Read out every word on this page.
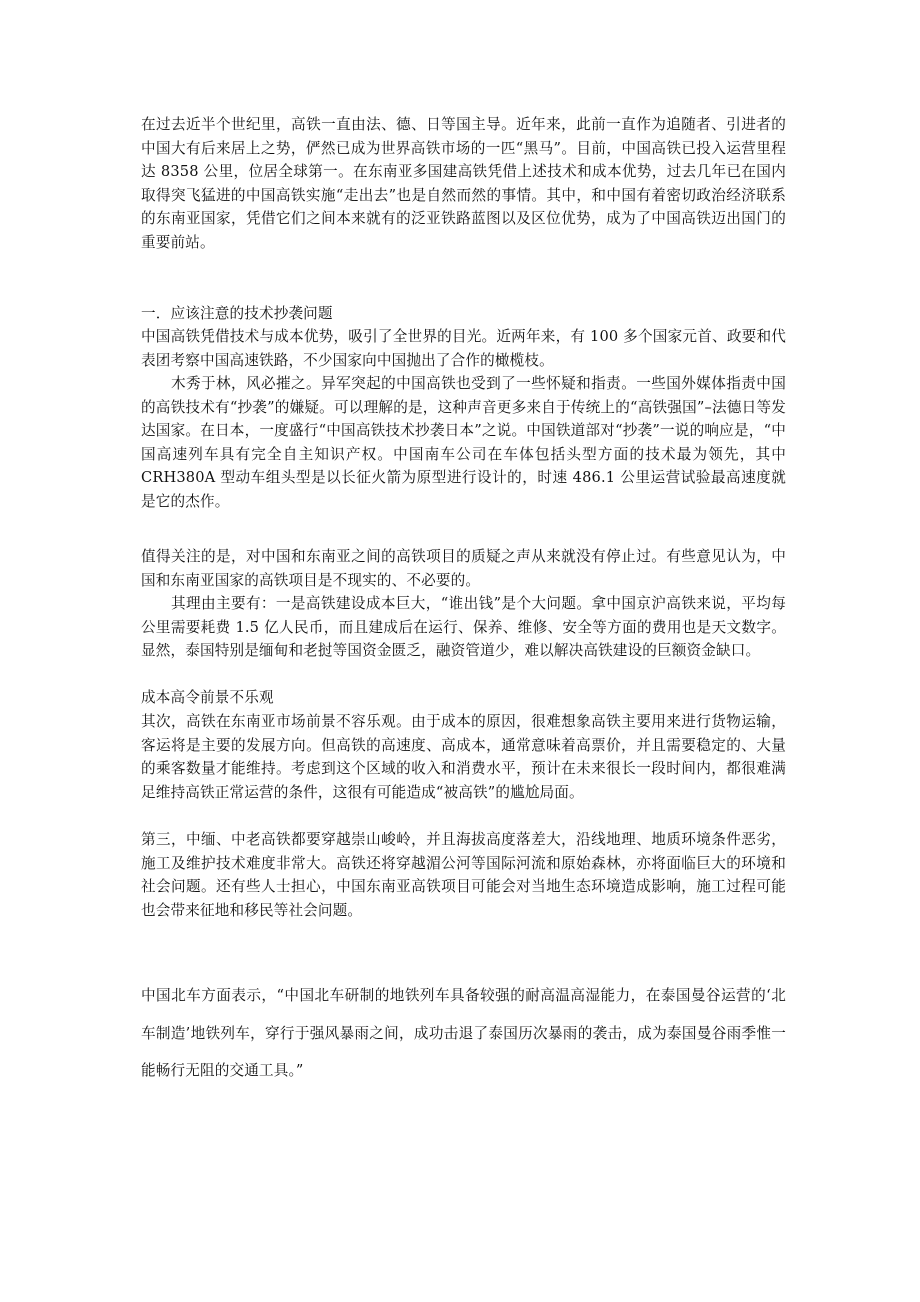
在过去近半个世纪里，高铁一直由法、德、日等国主导。近年来，此前一直作为追随者、引进者的中国大有后来居上之势，俨然已成为世界高铁市场的一匹“黑马”。目前，中国高铁已投入运营里程达 8358 公里，位居全球第一。在东南亚多国建高铁凭借上述技术和成本优势，过去几年已在国内取得突飞猛进的中国高铁实施“走出去”也是自然而然的事情。其中，和中国有着密切政治经济联系的东南亚国家，凭借它们之间本来就有的泛亚铁路蓝图以及区位优势，成为了中国高铁迈出国门的重要前站。

一．应该注意的技术抄袭问题

中国高铁凭借技术与成本优势，吸引了全世界的目光。近两年来，有 100 多个国家元首、政要和代表团考察中国高速铁路，不少国家向中国抛出了合作的橄榄枝。

木秀于林，风必摧之。异军突起的中国高铁也受到了一些怀疑和指责。一些国外媒体指责中国的高铁技术有“抄袭”的嫌疑。可以理解的是，这种声音更多来自于传统上的“高铁强国”–法德日等发达国家。在日本，一度盛行“中国高铁技术抄袭日本”之说。中国铁道部对“抄袭”一说的响应是，“中国高速列车具有完全自主知识产权。中国南车公司在车体包括头型方面的技术最为领先，其中 CRH380A 型动车组头型是以长征火箭为原型进行设计的，时速 486.1 公里运营试验最高速度就是它的杰作。

值得关注的是，对中国和东南亚之间的高铁项目的质疑之声从来就没有停止过。有些意见认为，中国和东南亚国家的高铁项目是不现实的、不必要的。

其理由主要有：一是高铁建设成本巨大，“谁出钱”是个大问题。拿中国京沪高铁来说，平均每公里需要耗费 1.5 亿人民币，而且建成后在运行、保养、维修、安全等方面的费用也是天文数字。显然，泰国特别是缅甸和老挝等国资金匮乏，融资管道少，难以解决高铁建设的巨额资金缺口。

成本高令前景不乐观

其次，高铁在东南亚市场前景不容乐观。由于成本的原因，很难想象高铁主要用来进行货物运输，客运将是主要的发展方向。但高铁的高速度、高成本，通常意味着高票价，并且需要稳定的、大量的乘客数量才能维持。考虑到这个区域的收入和消费水平，预计在未来很长一段时间内，都很难满足维持高铁正常运营的条件，这很有可能造成“被高铁”的尴尬局面。

第三，中缅、中老高铁都要穿越崇山峻岭，并且海拔高度落差大，沿线地理、地质环境条件恶劣，施工及维护技术难度非常大。高铁还将穿越湄公河等国际河流和原始森林，亦将面临巨大的环境和社会问题。还有些人士担心，中国东南亚高铁项目可能会对当地生态环境造成影响，施工过程可能也会带来征地和移民等社会问题。

中国北车方面表示，“中国北车研制的地铁列车具备较强的耐高温高湿能力，在泰国曼谷运营的‘北车制造’地铁列车，穿行于强风暴雨之间，成功击退了泰国历次暴雨的袭击，成为泰国曼谷雨季惟一能畅行无阻的交通工具。”
